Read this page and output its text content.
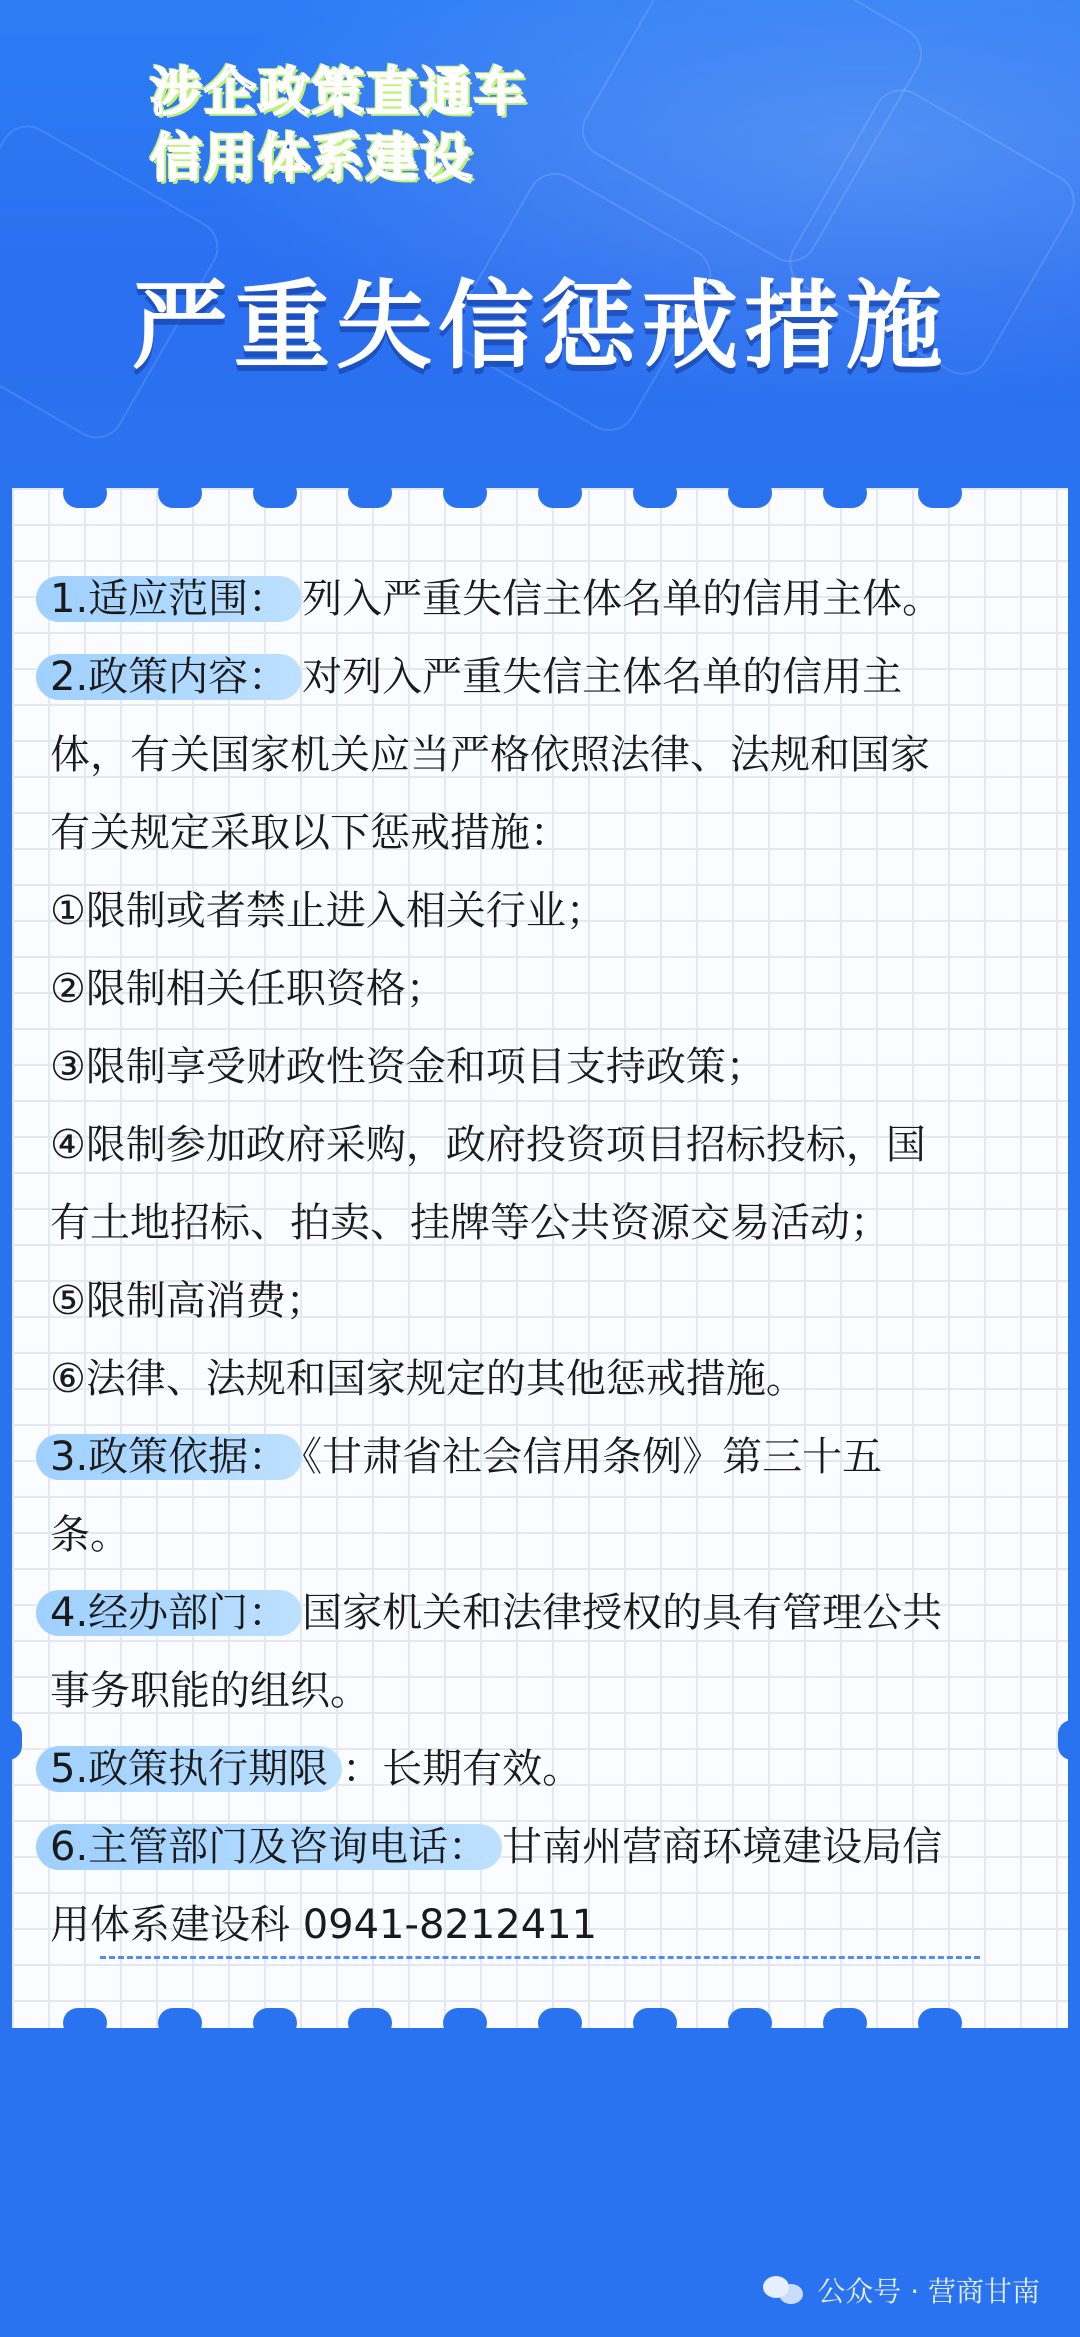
涉企政策直通车
信用体系建设
严重失信惩戒措施
1.适应范围： 列入严重失信主体名单的信用主体。
2.政策内容： 对列入严重失信主体名单的信用主
体，有关国家机关应当严格依照法律、法规和国家
有关规定采取以下惩戒措施：
①限制或者禁止进入相关行业；
②限制相关任职资格；
③限制享受财政性资金和项目支持政策；
④限制参加政府采购，政府投资项目招标投标，国
有土地招标、拍卖、挂牌等公共资源交易活动；
⑤限制高消费；
⑥法律、法规和国家规定的其他惩戒措施。
3.政策依据： 《甘肃省社会信用条例》第三十五
条。
4.经办部门： 国家机关和法律授权的具有管理公共
事务职能的组织。
5.政策执行期限 ：长期有效。
6.主管部门及咨询电话： 甘南州营商环境建设局信
用体系建设科 0941-8212411
公众号 · 营商甘南
